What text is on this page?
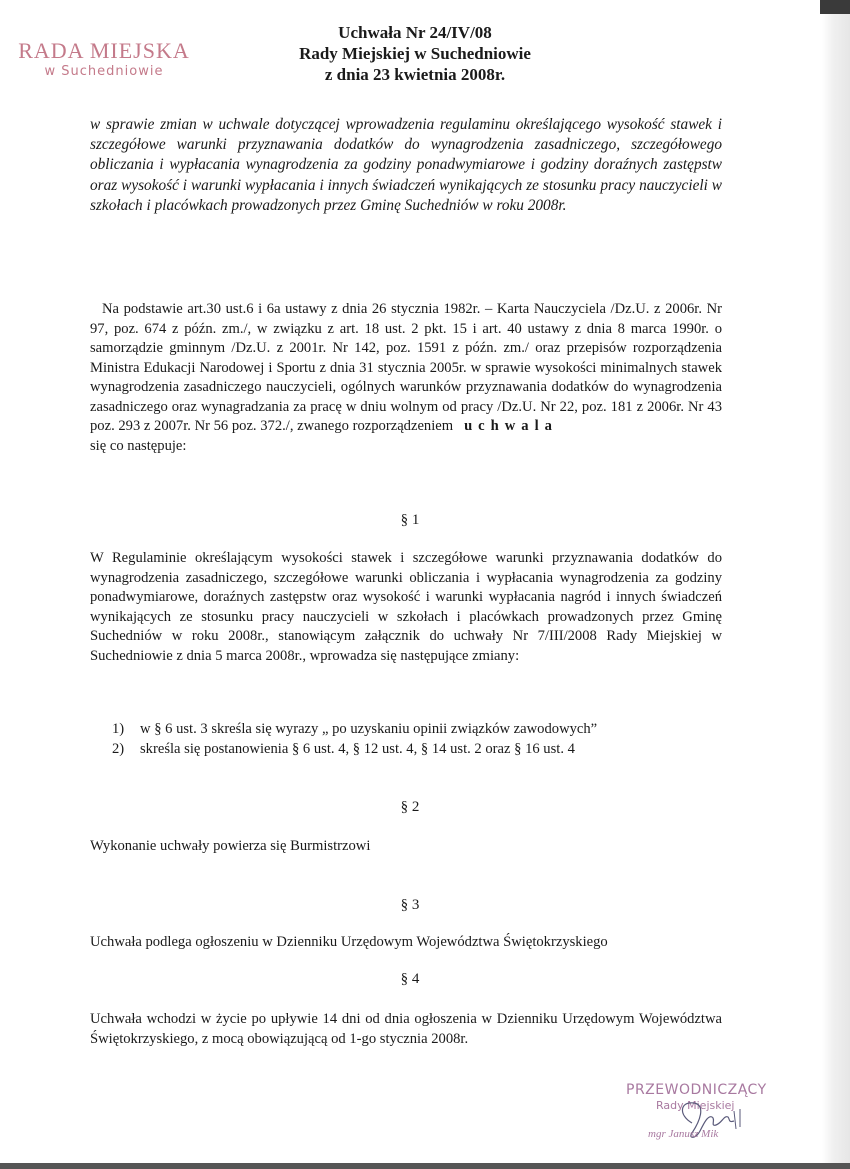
RADA MIEJSKA
w Suchedniowie
Uchwała Nr 24/IV/08
Rady Miejskiej w Suchedniowie
z dnia 23 kwietnia 2008r.
w sprawie zmian w uchwale dotyczącej wprowadzenia regulaminu określającego wysokość stawek i szczegółowe warunki przyznawania dodatków do wynagrodzenia zasadniczego, szczegółowego obliczania i wypłacania wynagrodzenia za godziny ponadwymiarowe i godziny doraźnych zastępstw oraz wysokość i warunki wypłacania i innych świadczeń wynikających ze stosunku pracy nauczycieli w szkołach i placówkach prowadzonych przez Gminę Suchedniów w roku 2008r.
Na podstawie art.30 ust.6 i 6a ustawy z dnia 26 stycznia 1982r. – Karta Nauczyciela /Dz.U. z 2006r. Nr 97, poz. 674 z późn. zm./, w związku z art. 18 ust. 2 pkt. 15 i art. 40 ustawy z dnia 8 marca 1990r. o samorządzie gminnym /Dz.U. z 2001r. Nr 142, poz. 1591 z późn. zm./ oraz przepisów rozporządzenia Ministra Edukacji Narodowej i Sportu z dnia 31 stycznia 2005r. w sprawie wysokości minimalnych stawek wynagrodzenia zasadniczego nauczycieli, ogólnych warunków przyznawania dodatków do wynagrodzenia zasadniczego oraz wynagradzania za pracę w dniu wolnym od pracy /Dz.U. Nr 22, poz. 181 z 2006r. Nr 43 poz. 293 z 2007r. Nr 56 poz. 372./, zwanego rozporządzeniem uchwala
się co następuje:
§ 1
W Regulaminie określającym wysokości stawek i szczegółowe warunki przyznawania dodatków do wynagrodzenia zasadniczego, szczegółowe warunki obliczania i wypłacania wynagrodzenia za godziny ponadwymiarowe, doraźnych zastępstw oraz wysokość i warunki wypłacania nagród i innych świadczeń wynikających ze stosunku pracy nauczycieli w szkołach i placówkach prowadzonych przez Gminę Suchedniów w roku 2008r., stanowiącym załącznik do uchwały Nr 7/III/2008 Rady Miejskiej w Suchedniowie z dnia 5 marca 2008r., wprowadza się następujące zmiany:
1) w § 6 ust. 3 skreśla się wyrazy „ po uzyskaniu opinii związków zawodowych”
2) skreśla się postanowienia § 6 ust. 4, § 12 ust. 4, § 14 ust. 2 oraz § 16 ust. 4
§ 2
Wykonanie uchwały powierza się Burmistrzowi
§ 3
Uchwała podlega ogłoszeniu w Dzienniku Urzędowym Województwa Świętokrzyskiego
§ 4
Uchwała wchodzi w życie po upływie 14 dni od dnia ogłoszenia w Dzienniku Urzędowym Województwa Świętokrzyskiego, z mocą obowiązującą od 1-go stycznia 2008r.
PRZEWODNICZĄCY
Rady Miejskiej
mgr Janusz Mik
